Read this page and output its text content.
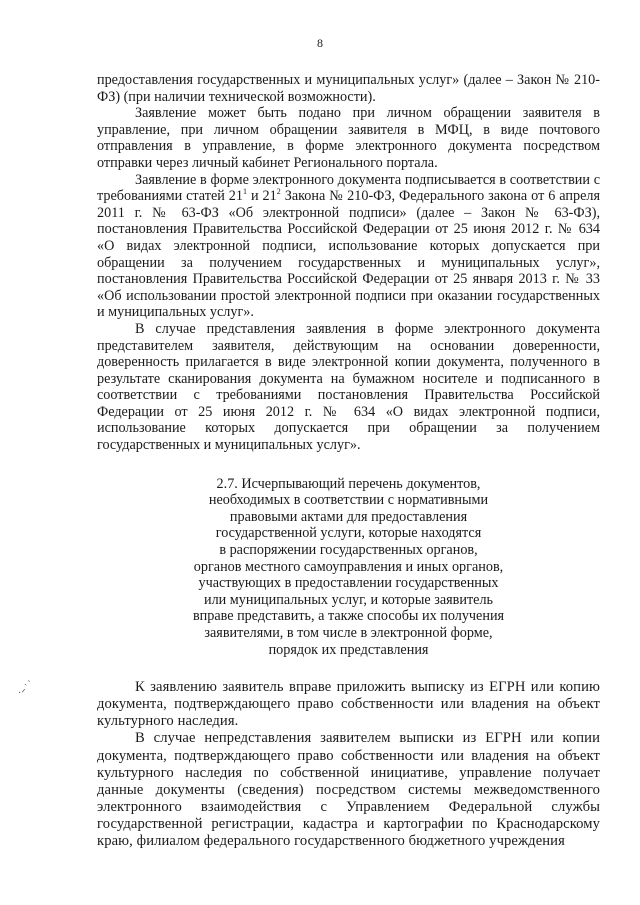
8
ˏ˴
·ᐟ

предоставления государственных и муниципальных услуг» (далее – Закон № 210-ФЗ) (при наличии технической возможности).

Заявление может быть подано при личном обращении заявителя в управление, при личном обращении заявителя в МФЦ, в виде почтового отправления в управление, в форме электронного документа посредством отправки через личный кабинет Регионального портала.

Заявление в форме электронного документа подписывается в соответствии с требованиями статей $21^1$ и $21^2$ Закона № 210-ФЗ, Федерального закона от 6 апреля 2011 г. № 63-ФЗ «Об электронной подписи» (далее – Закон № 63-ФЗ), постановления Правительства Российской Федерации от 25 июня 2012 г. № 634 «О видах электронной подписи, использование которых допускается при обращении за получением государственных и муниципальных услуг», постановления Правительства Российской Федерации от 25 января 2013 г. № 33 «Об использовании простой электронной подписи при оказании государственных и муниципальных услуг».

В случае представления заявления в форме электронного документа представителем заявителя, действующим на основании доверенности, доверенность прилагается в виде электронной копии документа, полученного в результате сканирования документа на бумажном носителе и подписанного в соответствии с требованиями постановления Правительства Российской Федерации от 25 июня 2012 г. № 634 «О видах электронной подписи, использование которых допускается при обращении за получением государственных и муниципальных услуг».

2.7. Исчерпывающий перечень документов,
необходимых в соответствии с нормативными
правовыми актами для предоставления
государственной услуги, которые находятся
в распоряжении государственных органов,
органов местного самоуправления и иных органов,
участвующих в предоставлении государственных
или муниципальных услуг, и которые заявитель
вправе представить, а также способы их получения
заявителями, в том числе в электронной форме,
порядок их представления

К заявлению заявитель вправе приложить выписку из ЕГРН или копию документа, подтверждающего право собственности или владения на объект культурного наследия.

В случае непредставления заявителем выписки из ЕГРН или копии документа, подтверждающего право собственности или владения на объект культурного наследия по собственной инициативе, управление получает данные документы (сведения) посредством системы межведомственного электронного взаимодействия с Управлением Федеральной службы государственной регистрации, кадастра и картографии по Краснодарскому краю, филиалом федерального государственного бюджетного учреждения
